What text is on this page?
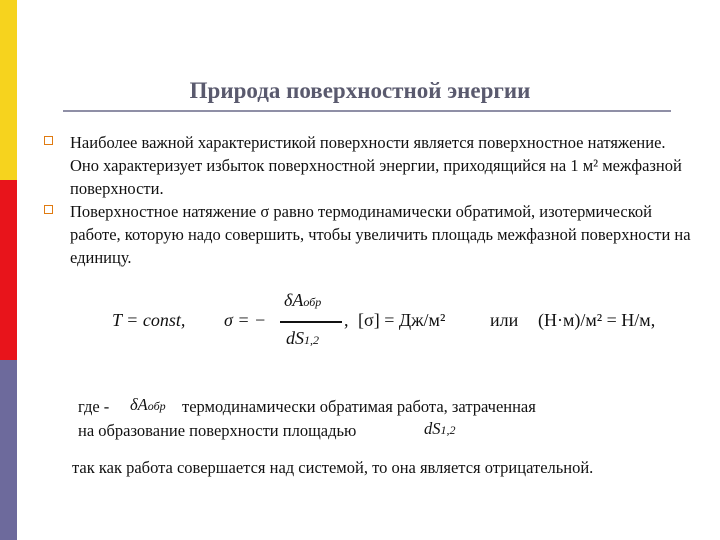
Природа поверхностной энергии
Наиболее важной характеристикой поверхности является поверхностное натяжение. Оно характеризует избыток поверхностной энергии, приходящийся на 1 м² межфазной поверхности.
Поверхностное натяжение σ равно термодинамически обратимой, изотермической работе, которую надо совершить, чтобы увеличить площадь межфазной поверхности на единицу.
T = const, σ = −
δAобр
dS1,2
, [σ] = Дж/м² или (Н·м)/м² = Н/м,
где - δAобр термодинамически обратимая работа, затраченная
на образование поверхности площадью	dS1,2
так как работа совершается над системой, то она является отрицательной.
